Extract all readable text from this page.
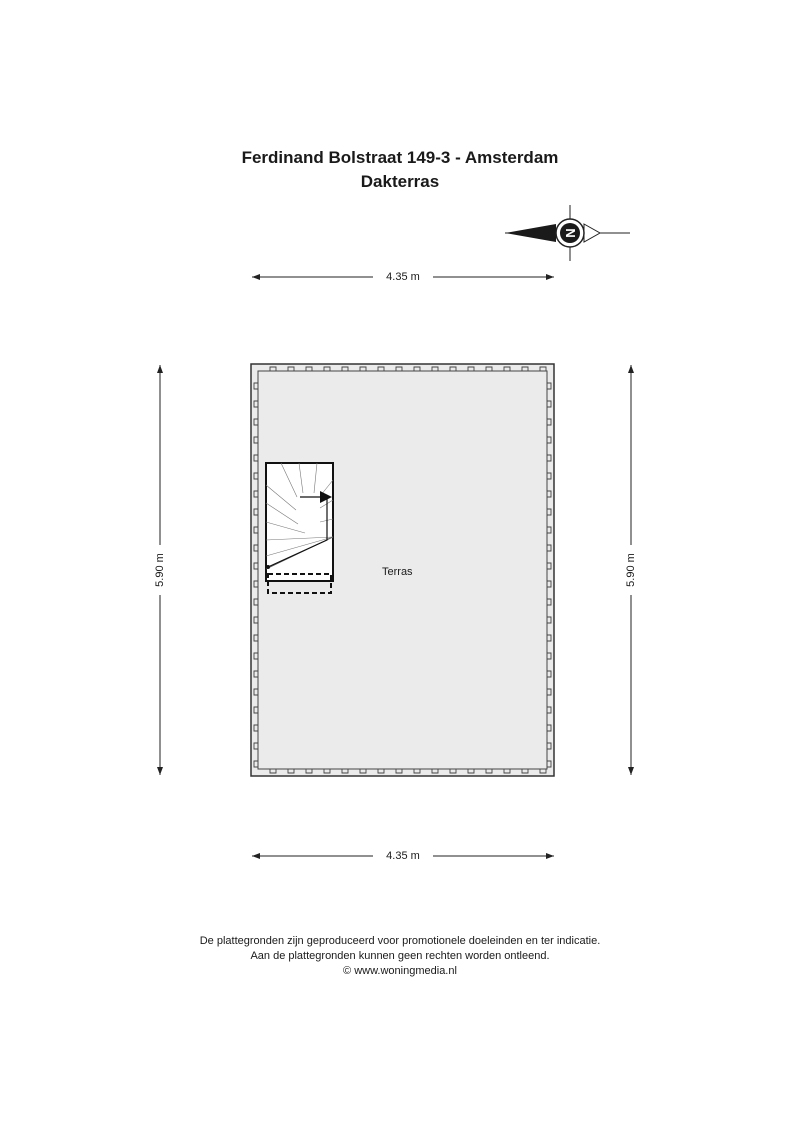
Ferdinand Bolstraat 149-3 - Amsterdam
Dakterras
N
4.35 m
4.35 m
5.90 m	5.90 m
Terras
De plattegronden zijn geproduceerd voor promotionele doeleinden en ter indicatie.
Aan de plattegronden kunnen geen rechten worden ontleend.
© www.woningmedia.nl
